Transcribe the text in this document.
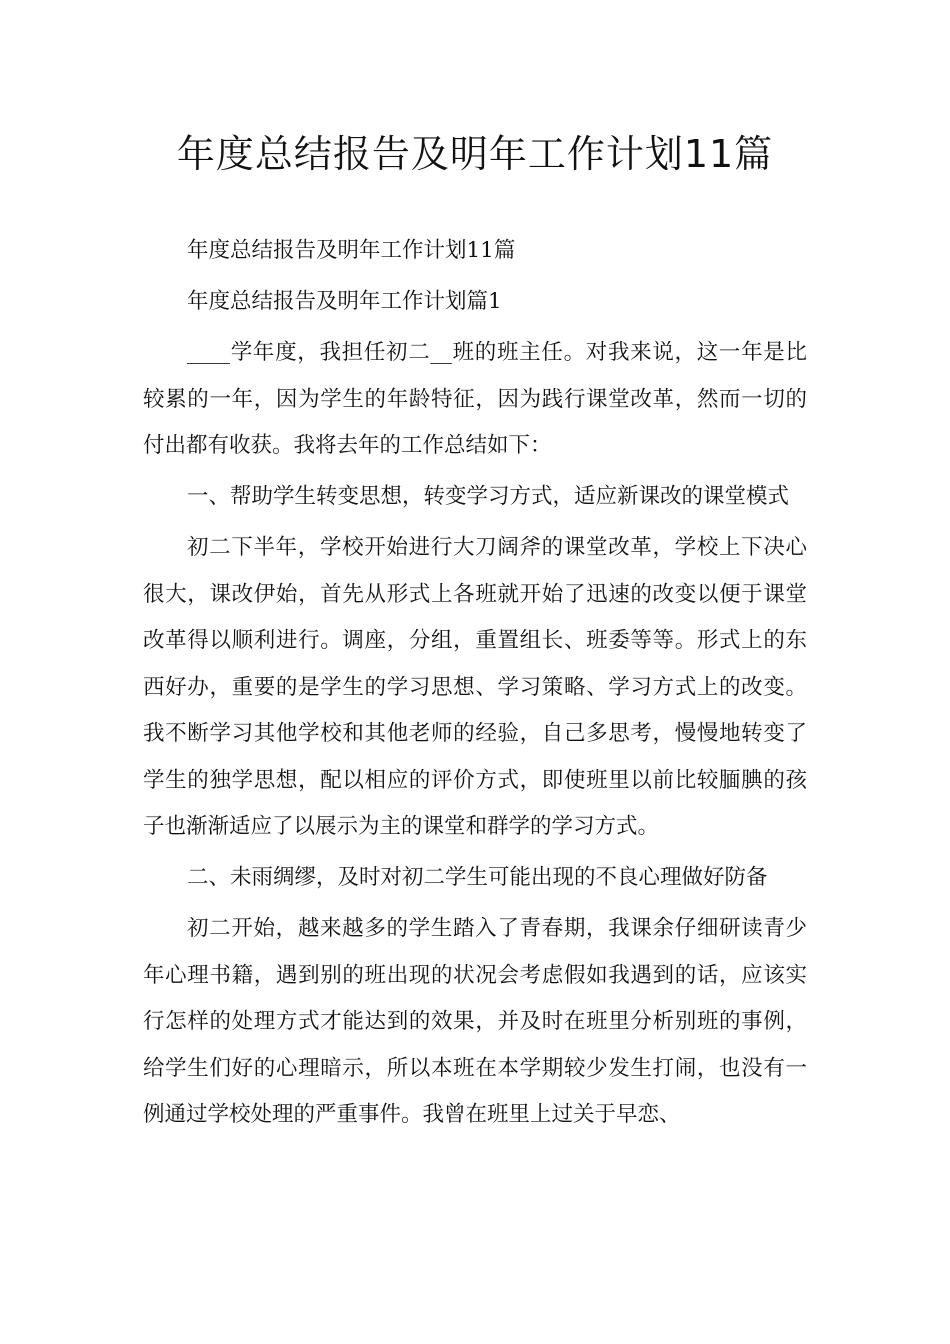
年度总结报告及明年工作计划11篇

年度总结报告及明年工作计划11篇

年度总结报告及明年工作计划篇1

____学年度，我担任初二__班的班主任。对我来说，这一年是比较累的一年，因为学生的年龄特征，因为践行课堂改革，然而一切的付出都有收获。我将去年的工作总结如下：

一、帮助学生转变思想，转变学习方式，适应新课改的课堂模式

初二下半年，学校开始进行大刀阔斧的课堂改革，学校上下决心很大，课改伊始，首先从形式上各班就开始了迅速的改变以便于课堂改革得以顺利进行。调座，分组，重置组长、班委等等。形式上的东西好办，重要的是学生的学习思想、学习策略、学习方式上的改变。我不断学习其他学校和其他老师的经验，自己多思考，慢慢地转变了学生的独学思想，配以相应的评价方式，即使班里以前比较腼腆的孩子也渐渐适应了以展示为主的课堂和群学的学习方式。

二、未雨绸缪，及时对初二学生可能出现的不良心理做好防备

初二开始，越来越多的学生踏入了青春期，我课余仔细研读青少年心理书籍，遇到别的班出现的状况会考虑假如我遇到的话，应该实行怎样的处理方式才能达到的效果，并及时在班里分析别班的事例，给学生们好的心理暗示，所以本班在本学期较少发生打闹，也没有一例通过学校处理的严重事件。我曾在班里上过关于早恋、
